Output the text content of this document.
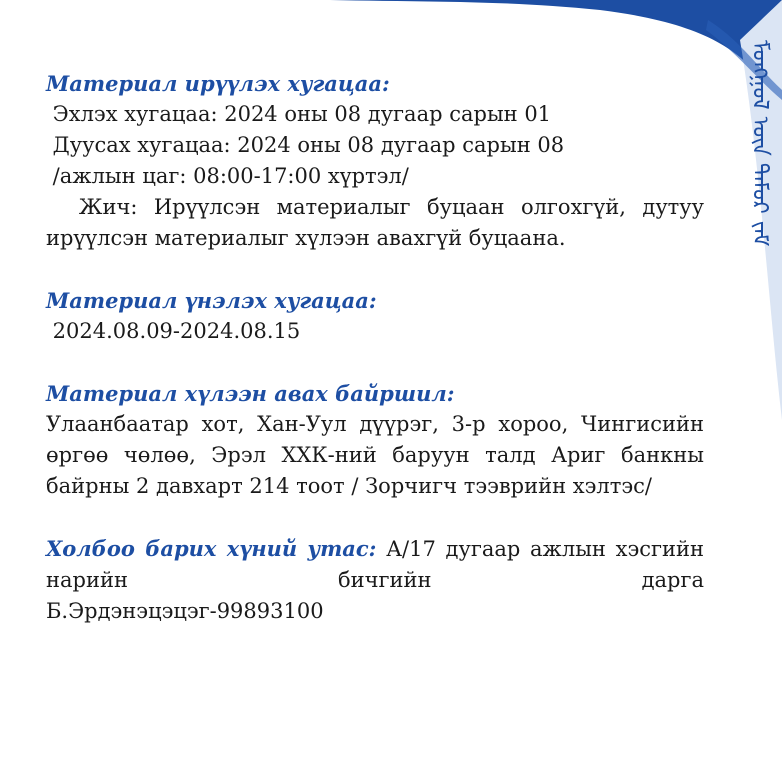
ᠮᠣᠩᠭᠣᠯ ᠦᠨ ᠲᠡᠮᠦᠷ ᠵᠠᠮ
Материал ирүүлэх хугацаа:
Эхлэх хугацаа: 2024 оны 08 дугаар сарын 01
Дуусах хугацаа: 2024 оны 08 дугаар сарын 08
/ажлын цаг: 08:00-17:00 хүртэл/
Жич: Ирүүлсэн материалыг буцаан олгохгүй, дутуу ирүүлсэн материалыг хүлээн авахгүй буцаана.
Материал үнэлэх хугацаа:
2024.08.09-2024.08.15
Материал хүлээн авах байршил:
Улаанбаатар хот, Хан-Уул дүүрэг, 3-р хороо, Чингисийн өргөө чөлөө, Эрэл ХХК-ний баруун талд Ариг банкны байрны 2 давхарт 214 тоот / Зорчигч тээврийн хэлтэс/
Холбоо барих хүний утас: А/17 дугаар ажлын хэсгийн нарийн бичгийн дарга
Б.Эрдэнэцэцэг-99893100
